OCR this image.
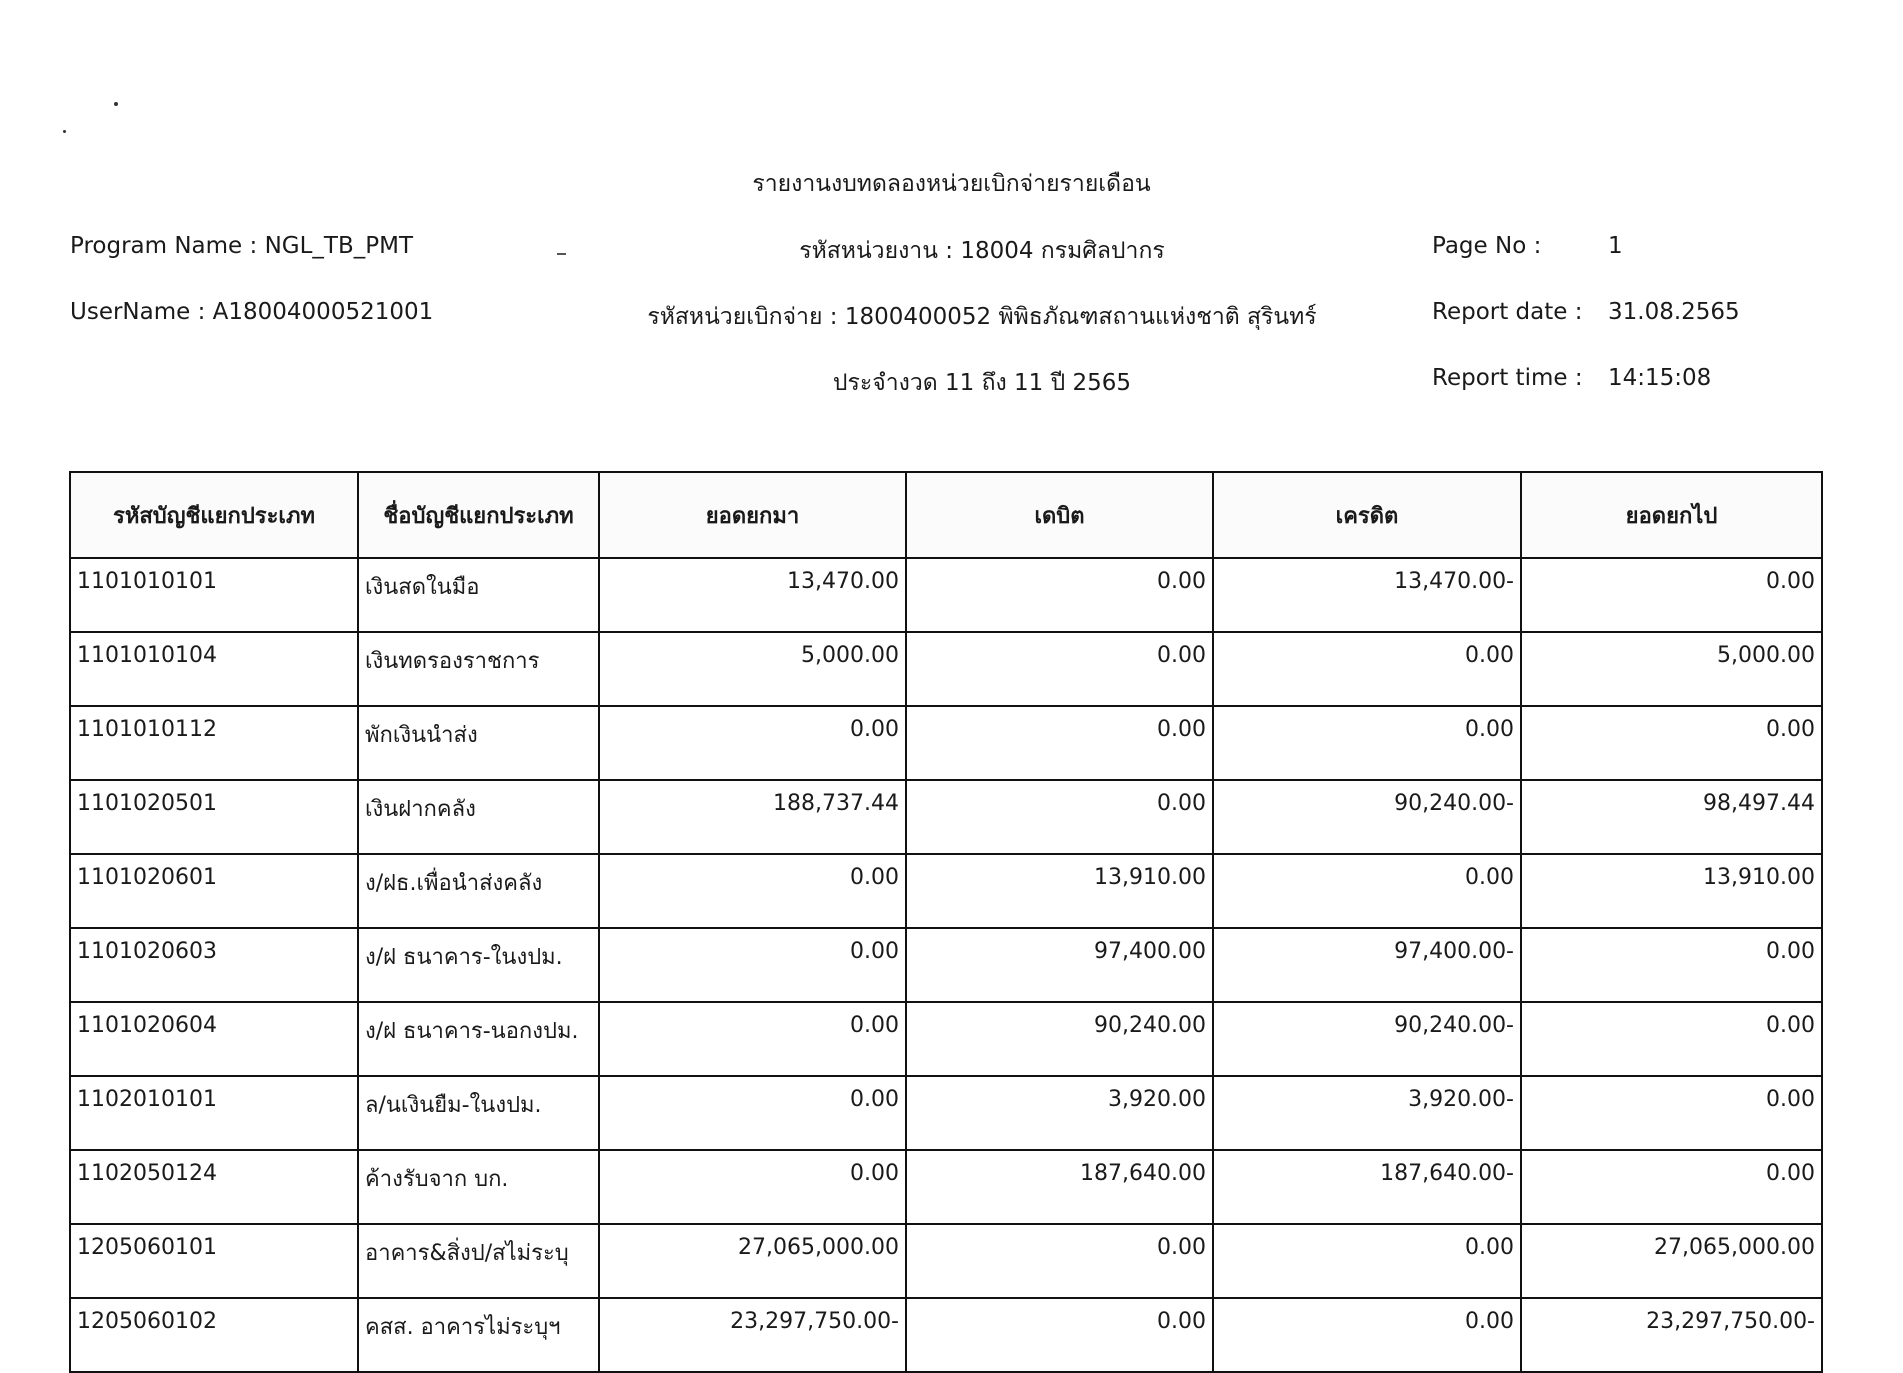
รายงานงบทดลองหน่วยเบิกจ่ายรายเดือน
Program Name : NGL_TB_PMT
UserName : A18004000521001
รหัสหน่วยงาน : 18004 กรมศิลปากร
รหัสหน่วยเบิกจ่าย : 1800400052 พิพิธภัณฑสถานแห่งชาติ สุรินทร์
ประจำงวด 11 ถึง 11 ปี 2565
Page No :	1
Report date : 31.08.2565
Report time : 14:15:08
รหัสบัญชีแยกประเภท	ชื่อบัญชีแยกประเภท	ยอดยกมา	เดบิต	เครดิต	ยอดยกไป
1101010101	เงินสดในมือ	13,470.00	0.00	13,470.00-	0.00
1101010104	เงินทดรองราชการ	5,000.00	0.00	0.00	5,000.00
1101010112	พักเงินนำส่ง	0.00	0.00	0.00	0.00
1101020501	เงินฝากคลัง	188,737.44	0.00	90,240.00-	98,497.44
1101020601	ง/ฝธ.เพื่อนำส่งคลัง	0.00	13,910.00	0.00	13,910.00
1101020603	ง/ฝ ธนาคาร-ในงปม.	0.00	97,400.00	97,400.00-	0.00
1101020604	ง/ฝ ธนาคาร-นอกงปม.	0.00	90,240.00	90,240.00-	0.00
1102010101	ล/นเงินยืม-ในงปม.	0.00	3,920.00	3,920.00-	0.00
1102050124	ค้างรับจาก บก.	0.00	187,640.00	187,640.00-	0.00
1205060101	อาคาร&สิ่งป/สไม่ระบุ	27,065,000.00	0.00	0.00	27,065,000.00
1205060102	คสส. อาคารไม่ระบุฯ	23,297,750.00-	0.00	0.00	23,297,750.00-
